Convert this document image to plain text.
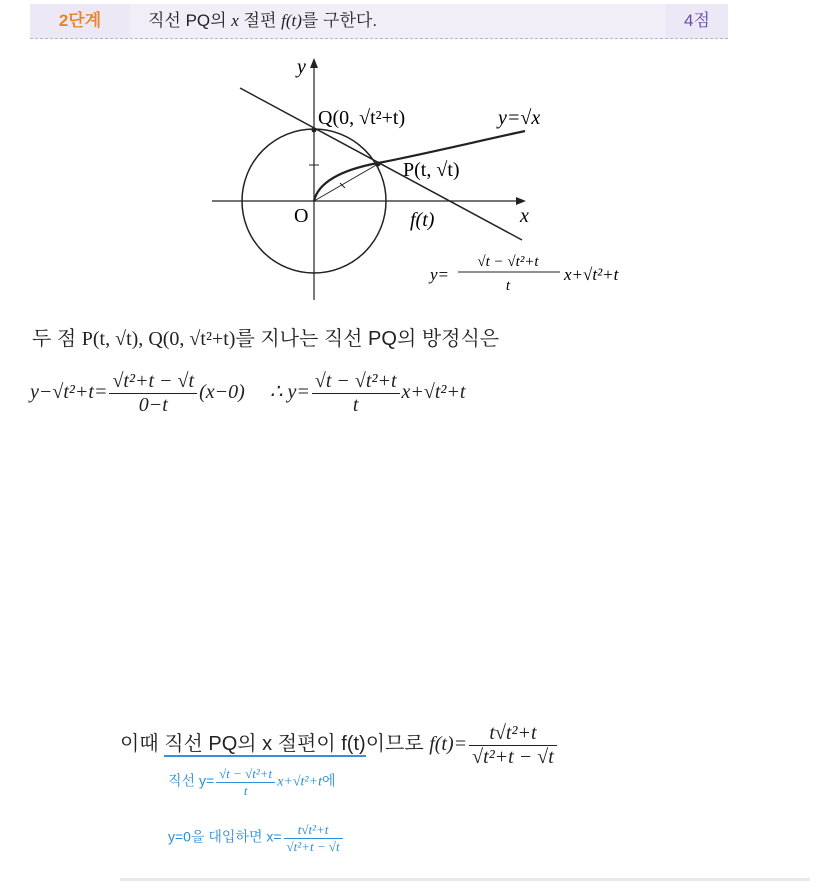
2단계	직선 PQ의 x 절편 f(t)를 구한다.	4점
y
x
O
Q(0, √t²+t)
P(t, √t)
y=√x
f(t)
y=
√t − √t²+t
t
x+√t²+t
두 점 P(t, √t), Q(0, √t²+t)를 지나는 직선 PQ의 방정식은
$y-√t^2+t= \frac{\text{√t²+t − √t}}{0-t} (x-0)$ ∴ $y= \frac{\text{√t − √t²+t}}{t} x+√t^2+t$
이때 직선 PQ의 x 절편이 f(t)이므로 $f(t)= \frac{\text{t√t²+t}}{\text{√t²+t − √t}}$
직선 $y= \frac{\text{√t − √t²+t}}{t} x+√t^2+t$에
y=0을 대입하면 $x= \frac{\text{t√t²+t}}{\text{√t²+t − √t}}$
